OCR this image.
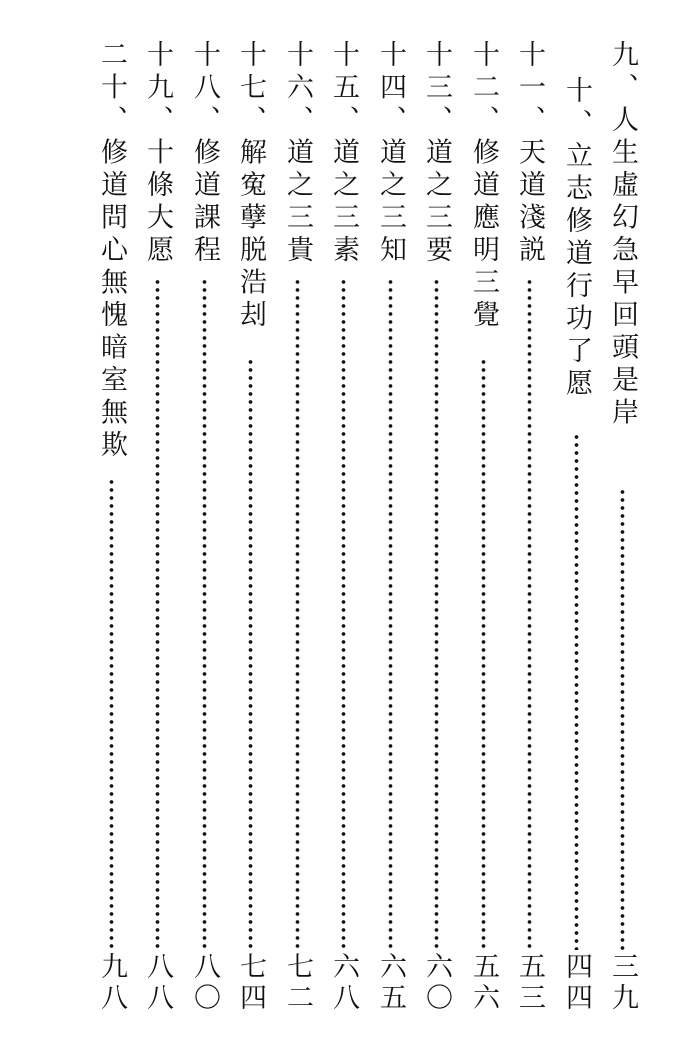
九、人生虛幻急早回頭是岸
三九
十、立志修道行功了愿
四四
十一、天道淺説
五三
十二、修道應明三覺
五六
十三、道之三要
六〇
十四、道之三知
六五
十五、道之三素
六八
十六、道之三貴
七二
十七、解寃孽脱浩刦
七四
十八、修道課程
八〇
十九、十條大愿
八八
二十、修道問心無愧暗室無欺
九八
